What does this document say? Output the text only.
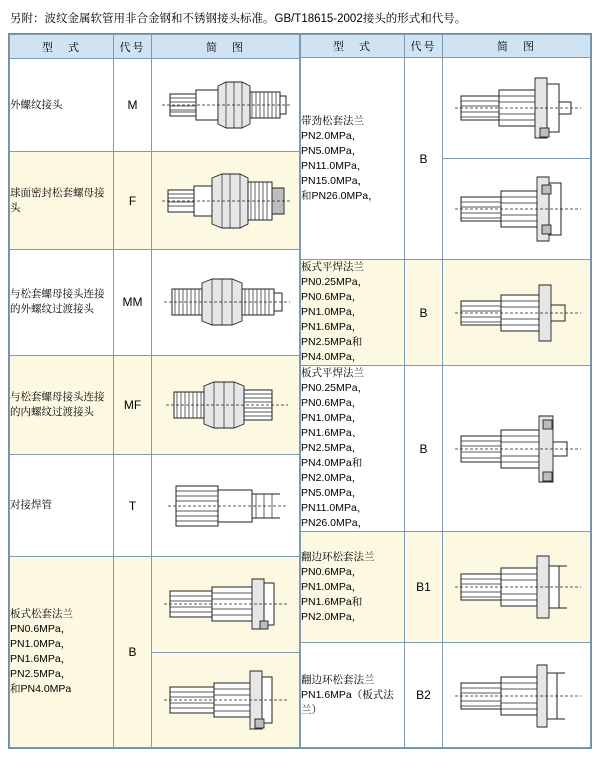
另附：波纹金属软管用非合金钢和不锈钢接头标准。GB/T18615-2002接头的形式和代号。
型　式	代号	简　图
外螺纹接头	M	

球面密封松套螺母接头	F	

与松套螺母接头连接的外螺纹过渡接头	MM	

与松套螺母接头连接的内螺纹过渡接头	MF	

对接焊管	T	

板式松套法兰
PN0.6MPa，PN1.0MPa，
PN1.6MPa，PN2.5MPa，
和PN4.0MPa	B	

型　式	代号	简　图
带劲松套法兰
PN2.0MPa，PN5.0MPa，
PN11.0MPa，PN15.0MPa，
和PN26.0MPa，	B	

板式平焊法兰
PN0.25MPa，PN0.6MPa，
PN1.0MPa，PN1.6MPa，
PN2.5MPa和PN4.0MPa，	B	

板式平焊法兰
PN0.25MPa，PN0.6MPa，
PN1.0MPa，PN1.6MPa、
PN2.5MPa，PN4.0MPa和
PN2.0MPa，PN5.0MPa，
PN11.0MPa，PN26.0MPa，	B	

翻边环松套法兰
PN0.6MPa，PN1.0MPa，
PN1.6MPa和PN2.0MPa，	B1	

翻边环松套法兰
PN1.6MPa（板式法兰）	B2	
